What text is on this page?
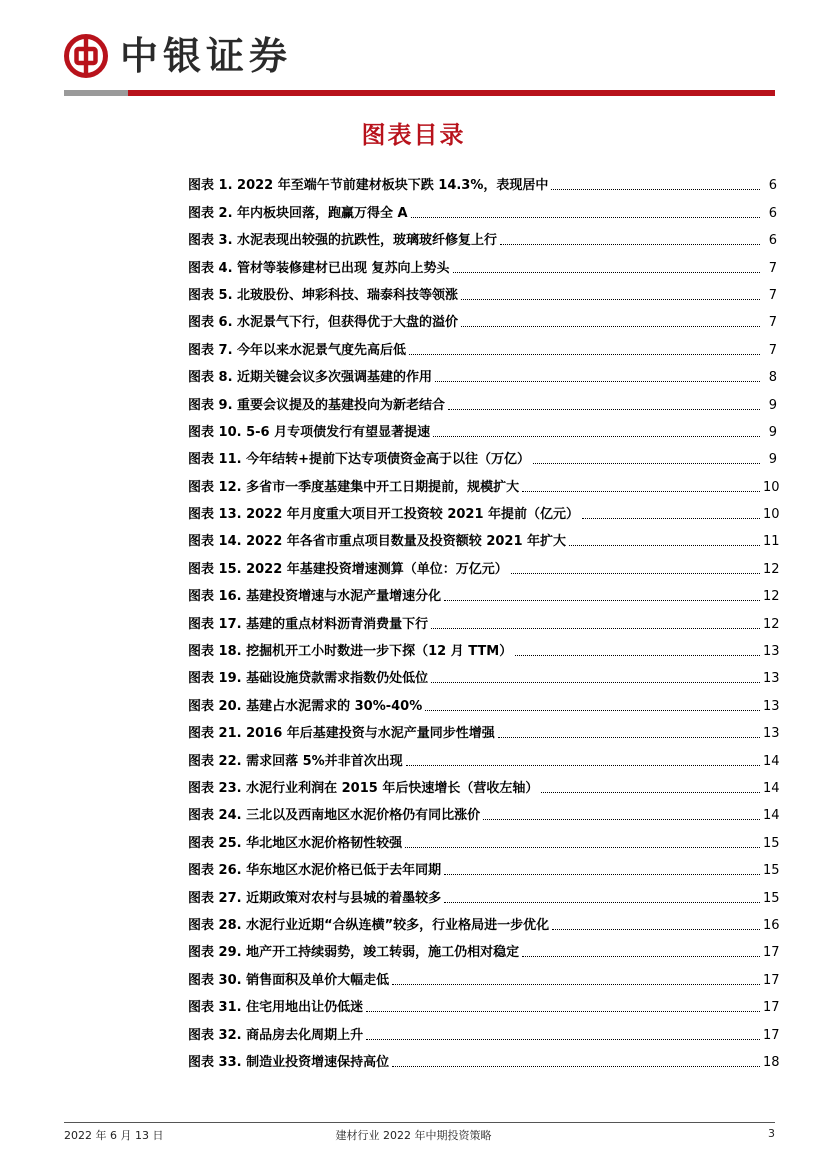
中银证券
图表目录
图表 1. 2022 年至端午节前建材板块下跌 14.3%，表现居中	6
图表 2. 年内板块回落，跑赢万得全 A	6
图表 3. 水泥表现出较强的抗跌性，玻璃玻纤修复上行	6
图表 4. 管材等装修建材已出现 复苏向上势头	7
图表 5. 北玻股份、坤彩科技、瑞泰科技等领涨	7
图表 6. 水泥景气下行，但获得优于大盘的溢价	7
图表 7. 今年以来水泥景气度先高后低	7
图表 8. 近期关键会议多次强调基建的作用	8
图表 9. 重要会议提及的基建投向为新老结合	9
图表 10. 5-6 月专项债发行有望显著提速	9
图表 11. 今年结转+提前下达专项债资金高于以往（万亿）	9
图表 12. 多省市一季度基建集中开工日期提前，规模扩大	10
图表 13. 2022 年月度重大项目开工投资较 2021 年提前（亿元）	10
图表 14. 2022 年各省市重点项目数量及投资额较 2021 年扩大	11
图表 15. 2022 年基建投资增速测算（单位：万亿元）	12
图表 16. 基建投资增速与水泥产量增速分化	12
图表 17. 基建的重点材料沥青消费量下行	12
图表 18. 挖掘机开工小时数进一步下探（12 月 TTM）	13
图表 19. 基础设施贷款需求指数仍处低位	13
图表 20. 基建占水泥需求的 30%-40%	13
图表 21. 2016 年后基建投资与水泥产量同步性增强	13
图表 22. 需求回落 5%并非首次出现	14
图表 23. 水泥行业利润在 2015 年后快速增长（营收左轴）	14
图表 24. 三北以及西南地区水泥价格仍有同比涨价	14
图表 25. 华北地区水泥价格韧性较强	15
图表 26. 华东地区水泥价格已低于去年同期	15
图表 27. 近期政策对农村与县城的着墨较多	15
图表 28. 水泥行业近期“合纵连横”较多，行业格局进一步优化	16
图表 29. 地产开工持续弱势，竣工转弱，施工仍相对稳定	17
图表 30. 销售面积及单价大幅走低	17
图表 31. 住宅用地出让仍低迷	17
图表 32. 商品房去化周期上升	17
图表 33. 制造业投资增速保持高位	18
2022 年 6 月 13 日	建材行业 2022 年中期投资策略	3
